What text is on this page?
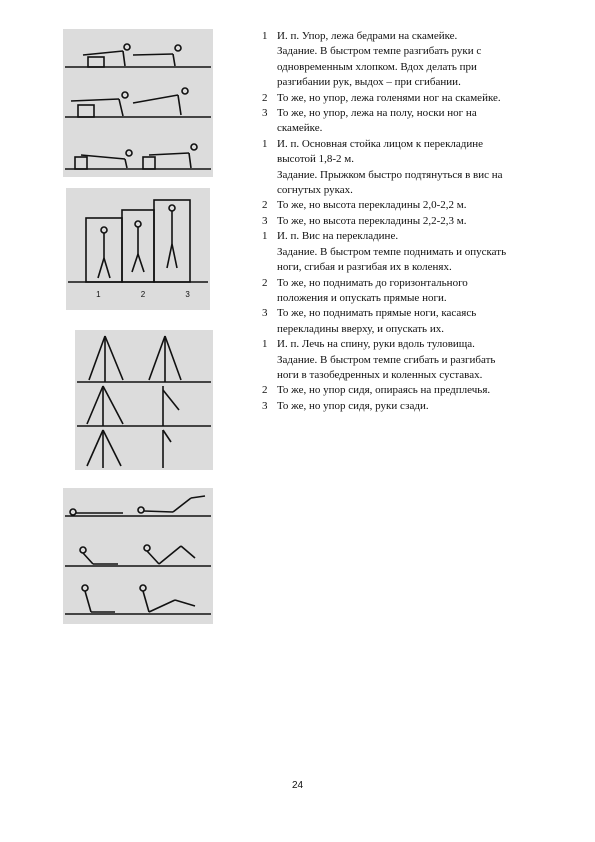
1	2	3
1 И. п. Упор, лежа бедрами на скамейке.
Задание. В быстром темпе разгибать руки с одновременным хлопком. Вдох делать при разгибании рук, выдох – при сгибании.
2 То же, но упор, лежа голенями ног на скамейке.
3 То же, но упор, лежа на полу, носки ног на скамейке.
1 И. п. Основная стойка лицом к перекладине высотой 1,8-2 м.
Задание. Прыжком быстро подтянуться в вис на согнутых руках.
2 То же, но высота перекладины 2,0-2,2 м.
3 То же, но высота перекладины 2,2-2,3 м.
1 И. п. Вис на перекладине.
Задание. В быстром темпе поднимать и опускать ноги, сгибая и разгибая их в коленях.
2 То же, но поднимать до горизонтального положения и опускать прямые ноги.
3 То же, но поднимать прямые ноги, касаясь перекладины вверху, и опускать их.
1 И. п. Лечь на спину, руки вдоль туловища.
Задание. В быстром темпе сгибать и разгибать ноги в тазобедренных и коленных суставах.
2 То же, но упор сидя, опираясь на предплечья.
3 То же, но упор сидя, руки сзади.
24
